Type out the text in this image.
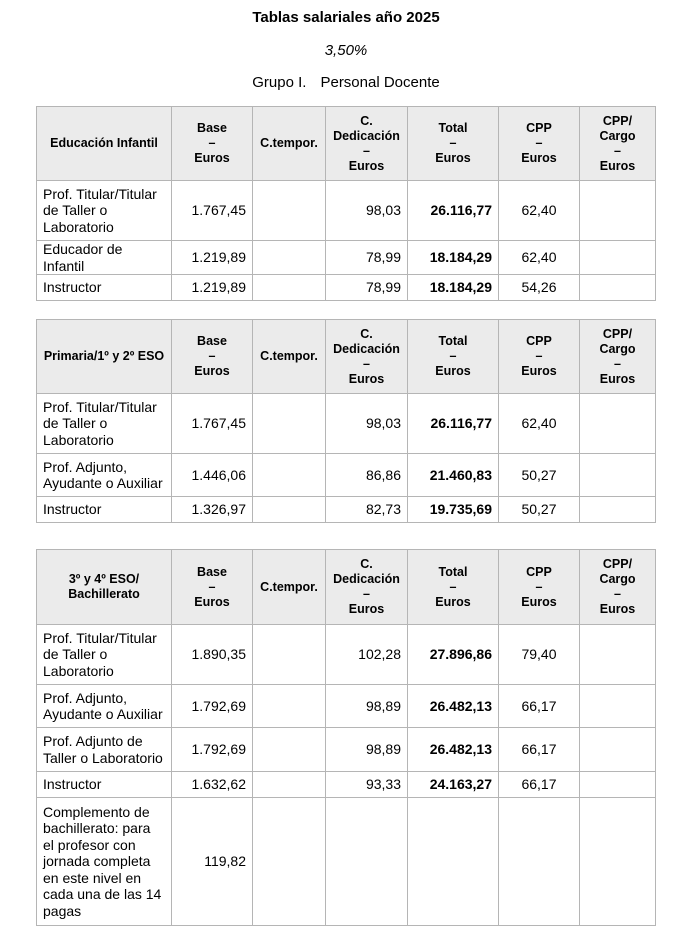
Tablas salariales año 2025
3,50%
Grupo I. Personal Docente
Educación Infantil	Base
–
Euros	C.tempor.	C.
Dedicación
–
Euros	Total
–
Euros	CPP
–
Euros	CPP/
Cargo
–
Euros

Prof. Titular/Titular de Taller o Laboratorio	1.767,45		98,03	26.116,77	62,40	
Educador de Infantil	1.219,89		78,99	18.184,29	62,40	
Instructor	1.219,89		78,99	18.184,29	54,26	
Primaria/1º y 2º ESO	Base
–
Euros	C.tempor.	C.
Dedicación
–
Euros	Total
–
Euros	CPP
–
Euros	CPP/
Cargo
–
Euros

Prof. Titular/Titular de Taller o Laboratorio	1.767,45		98,03	26.116,77	62,40	
Prof. Adjunto, Ayudante o Auxiliar	1.446,06		86,86	21.460,83	50,27	
Instructor	1.326,97		82,73	19.735,69	50,27	
3º y 4º ESO/ Bachillerato	Base
–
Euros	C.tempor.	C.
Dedicación
–
Euros	Total
–
Euros	CPP
–
Euros	CPP/
Cargo
–
Euros

Prof. Titular/Titular de Taller o Laboratorio	1.890,35		102,28	27.896,86	79,40	
Prof. Adjunto, Ayudante o Auxiliar	1.792,69		98,89	26.482,13	66,17	
Prof. Adjunto de Taller o Laboratorio	1.792,69		98,89	26.482,13	66,17	
Instructor	1.632,62		93,33	24.163,27	66,17	
Complemento de bachillerato: para el profesor con jornada completa en este nivel en cada una de las 14 pagas	119,82					
